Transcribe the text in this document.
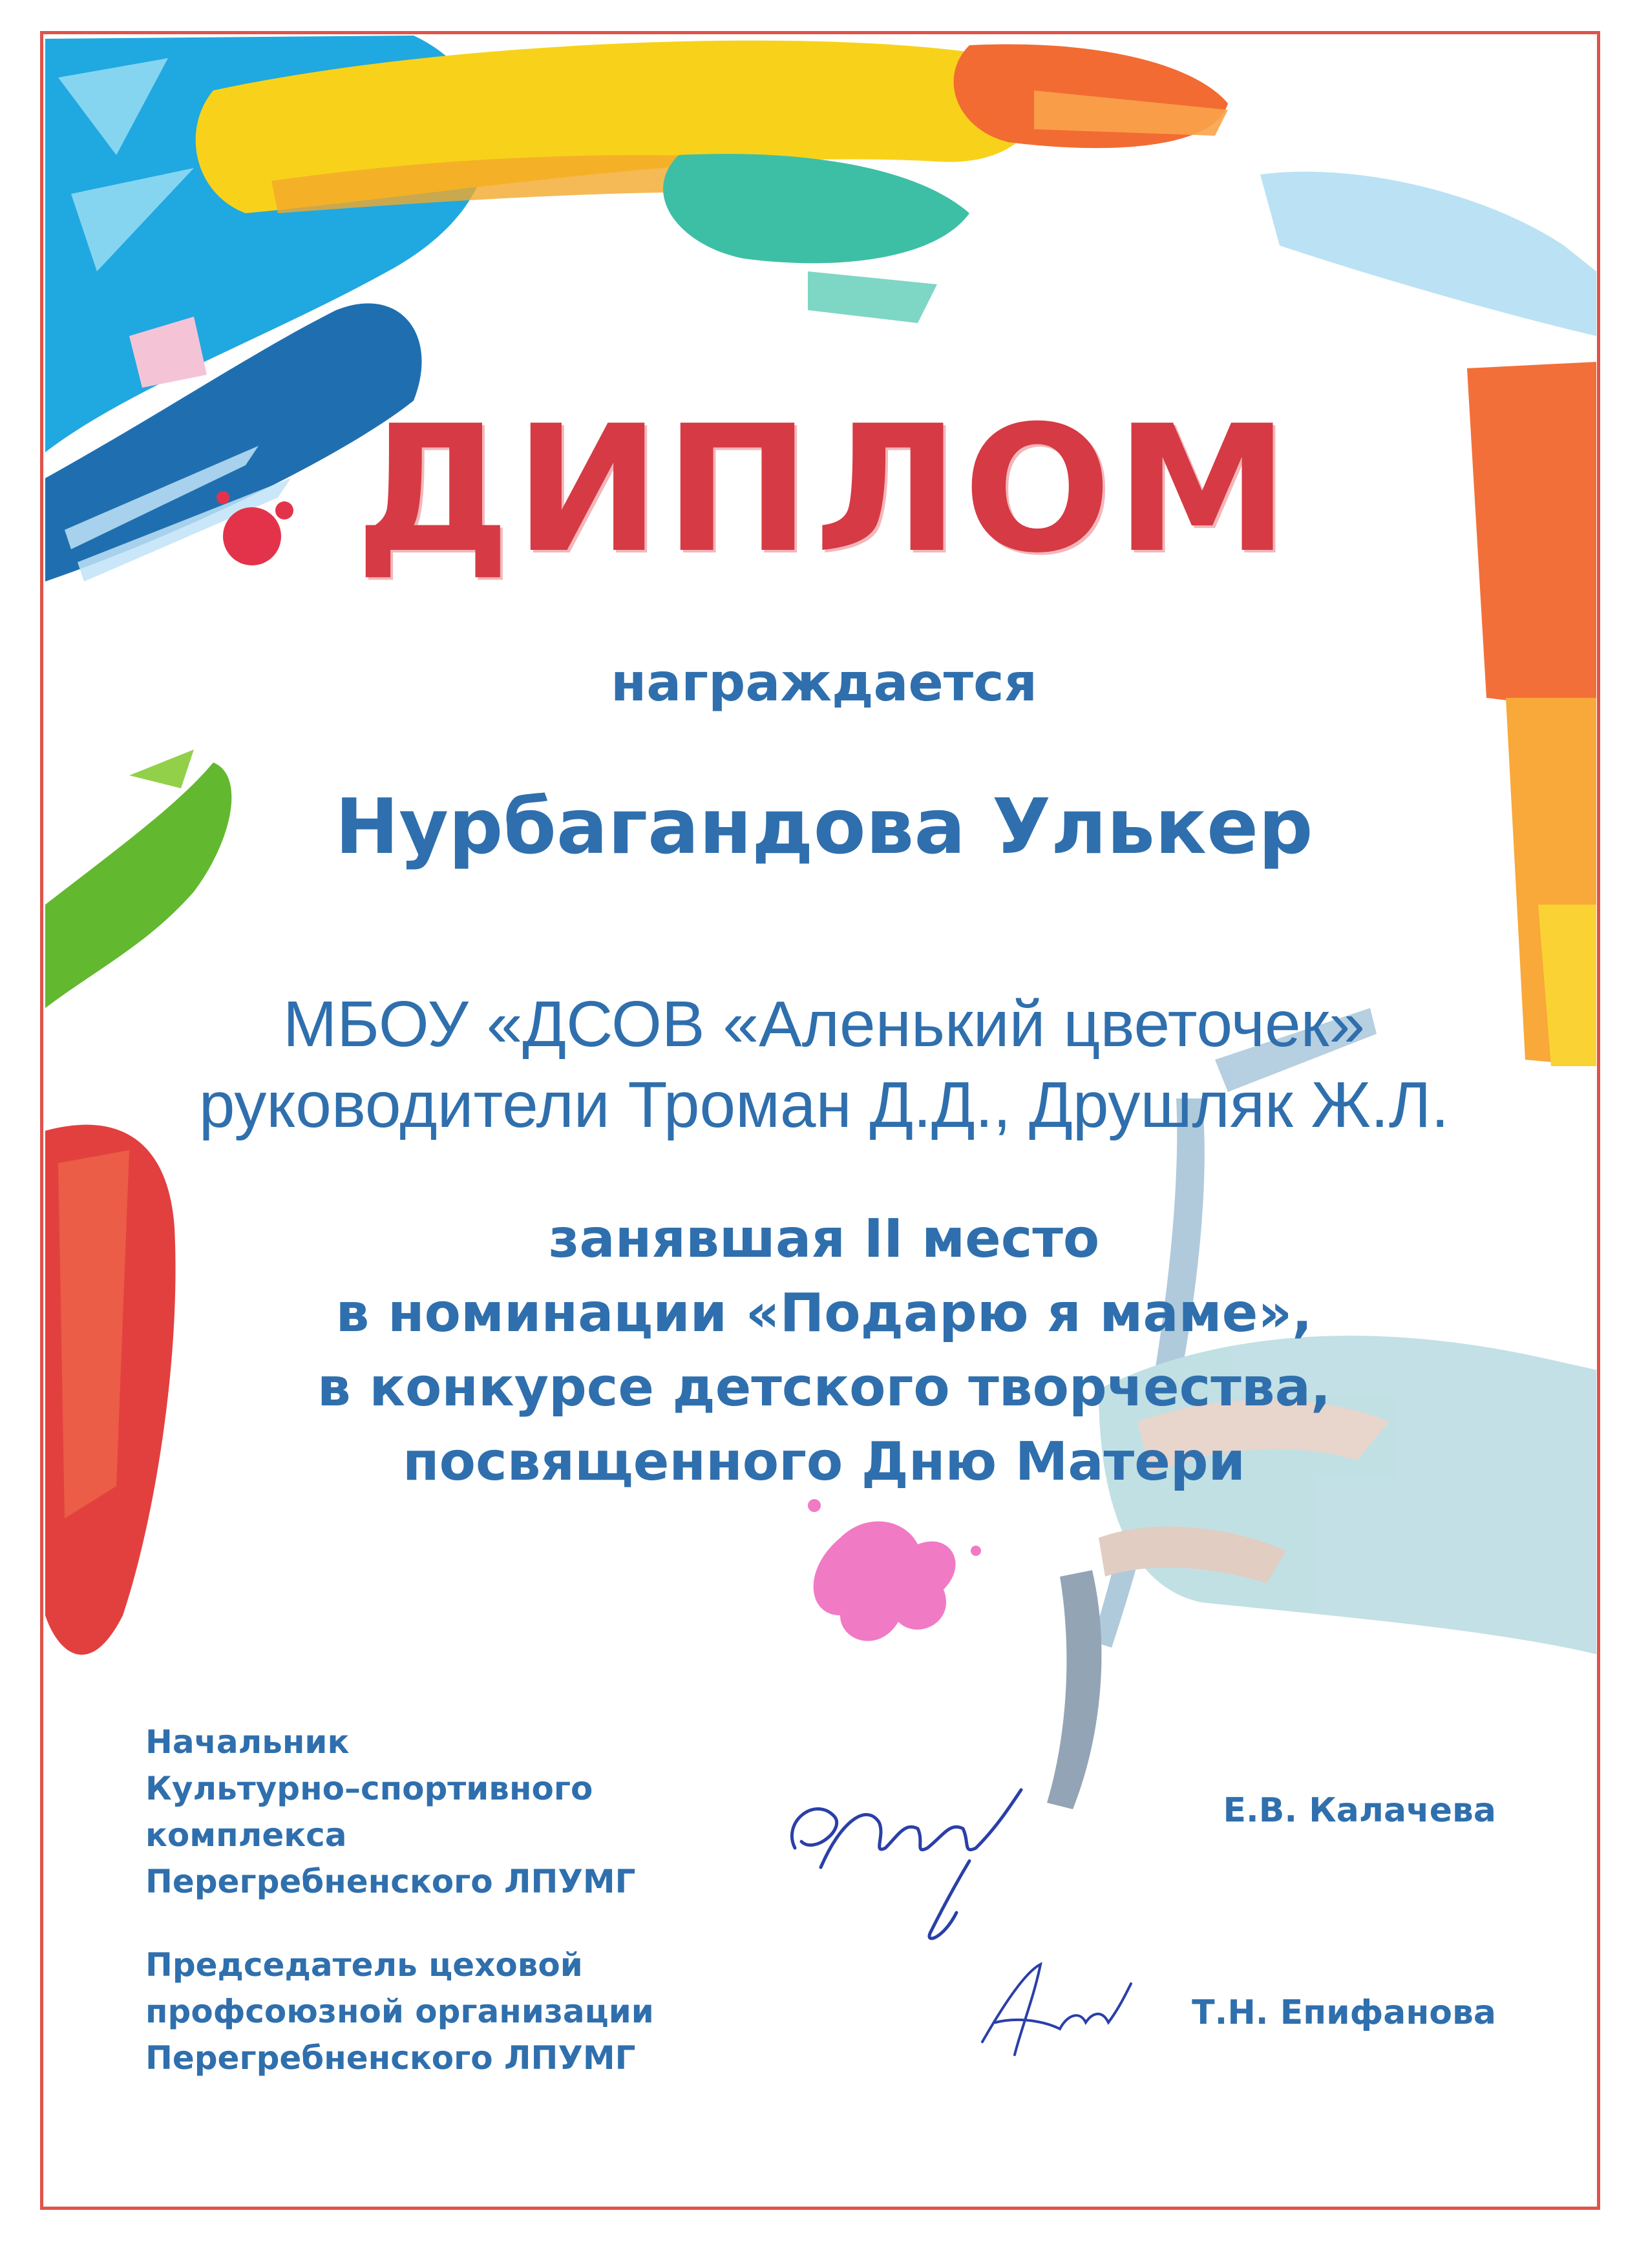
ДИПЛОМ

награждается

Нурбагандова Улькер

МБОУ «ДСОВ «Аленький цветочек»

руководители Троман Д.Д., Друшляк Ж.Л.

занявшая II место

в номинации «Подарю я маме»,

в конкурсе детского творчества,

посвященного Дню Матери

Начальник
Культурно–спортивного
комплекса
Перегребненского ЛПУМГ
Е.В. Калачева
Председатель цеховой
профсоюзной организации
Перегребненского ЛПУМГ
Т.Н. Епифанова
